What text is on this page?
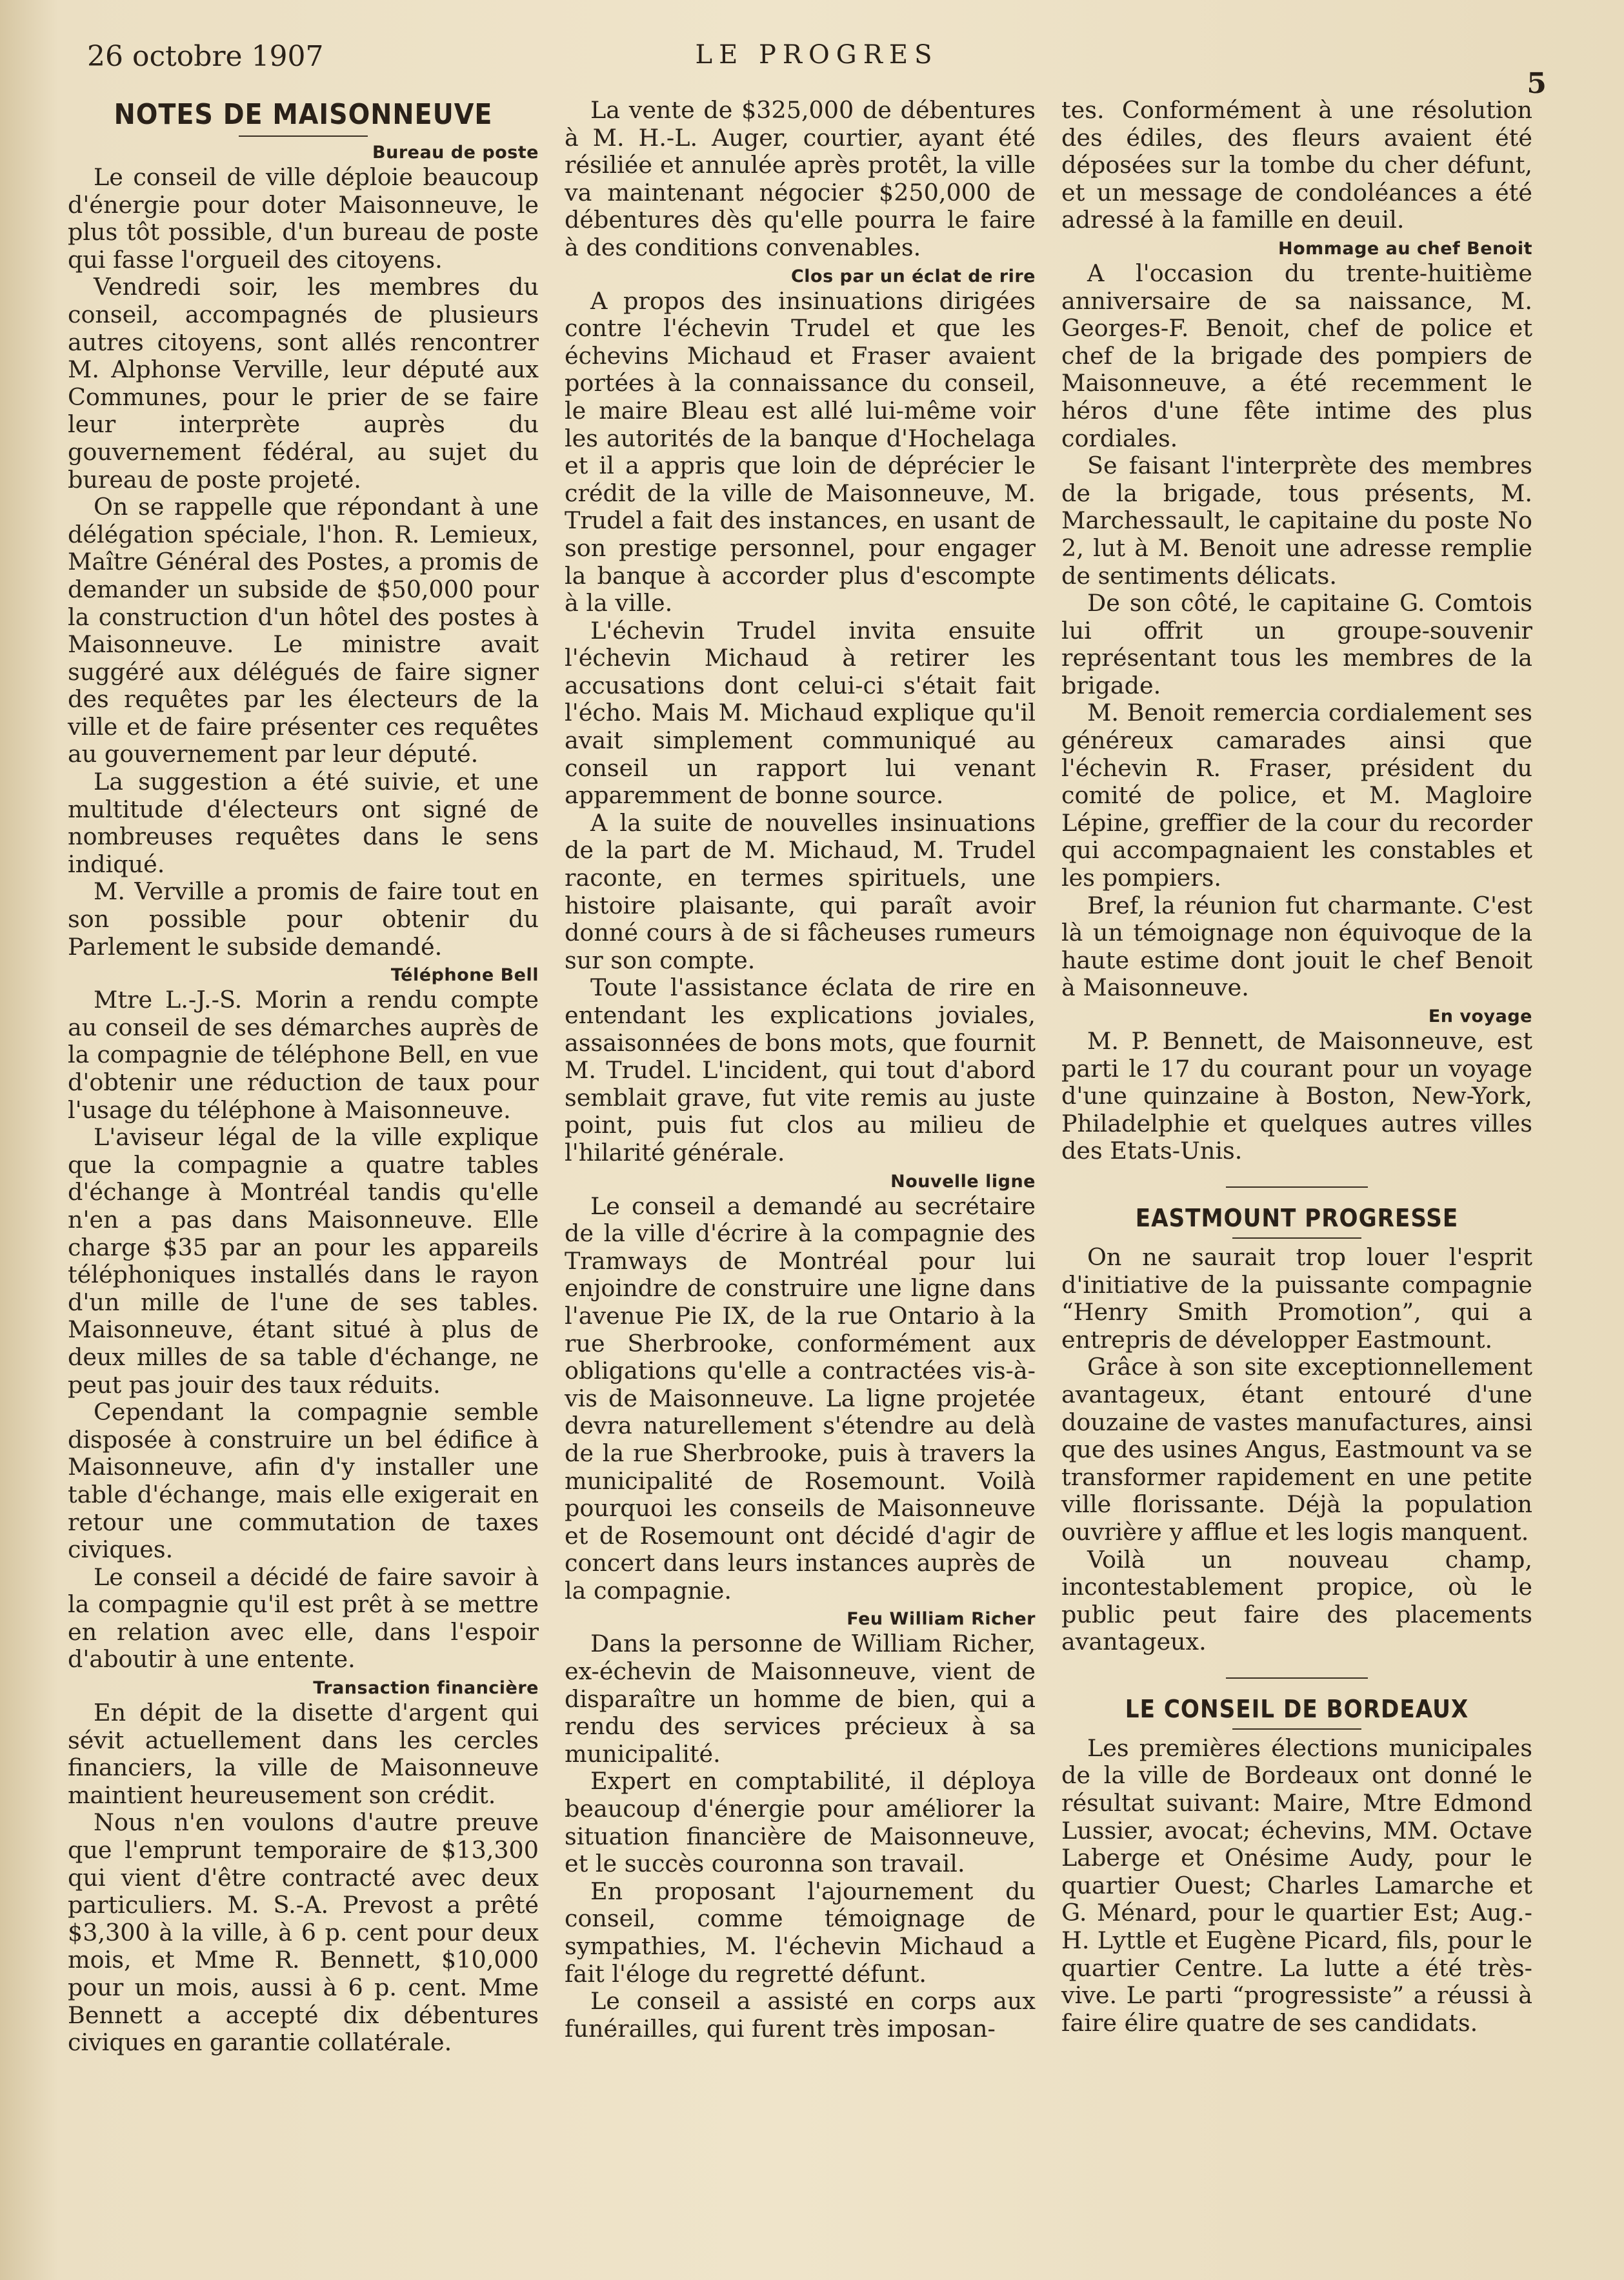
26 octobre 1907	LE PROGRES
5
NOTES DE MAISONNEUVE
Bureau de poste

Le conseil de ville déploie beaucoup d'énergie pour doter Maisonneuve, le plus tôt possible, d'un bureau de poste qui fasse l'orgueil des citoyens.

Vendredi soir, les membres du conseil, accompagnés de plusieurs autres citoyens, sont allés rencontrer M. Alphonse Verville, leur député aux Communes, pour le prier de se faire leur interprète auprès du gouvernement fédéral, au sujet du bureau de poste projeté.

On se rappelle que répondant à une délégation spéciale, l'hon. R. Lemieux, Maître Général des Postes, a promis de demander un subside de $50,000 pour la construction d'un hôtel des postes à Maisonneuve. Le ministre avait suggéré aux délégués de faire signer des requêtes par les électeurs de la ville et de faire présenter ces requêtes au gouvernement par leur député.

La suggestion a été suivie, et une multitude d'électeurs ont signé de nombreuses requêtes dans le sens indiqué.

M. Verville a promis de faire tout en son possible pour obtenir du Parlement le subside demandé.

Téléphone Bell

Mtre L.-J.-S. Morin a rendu compte au conseil de ses démarches auprès de la compagnie de téléphone Bell, en vue d'obtenir une réduction de taux pour l'usage du téléphone à Maisonneuve.

L'aviseur légal de la ville explique que la compagnie a quatre tables d'échange à Montréal tandis qu'elle n'en a pas dans Maisonneuve. Elle charge $35 par an pour les appareils téléphoniques installés dans le rayon d'un mille de l'une de ses tables. Maisonneuve, étant situé à plus de deux milles de sa table d'échange, ne peut pas jouir des taux réduits.

Cependant la compagnie semble disposée à construire un bel édifice à Maisonneuve, afin d'y installer une table d'échange, mais elle exigerait en retour une commutation de taxes civiques.

Le conseil a décidé de faire savoir à la compagnie qu'il est prêt à se mettre en relation avec elle, dans l'espoir d'aboutir à une entente.

Transaction financière

En dépit de la disette d'argent qui sévit actuellement dans les cercles financiers, la ville de Maisonneuve maintient heureusement son crédit.

Nous n'en voulons d'autre preuve que l'emprunt temporaire de $13,300 qui vient d'être contracté avec deux particuliers. M. S.-A. Prevost a prêté $3,300 à la ville, à 6 p. cent pour deux mois, et Mme R. Bennett, $10,000 pour un mois, aussi à 6 p. cent. Mme Bennett a accepté dix débentures civiques en garantie collatérale.

La vente de $325,000 de débentures à M. H.-L. Auger, courtier, ayant été résiliée et annulée après protêt, la ville va maintenant négocier $250,000 de débentures dès qu'elle pourra le faire à des conditions convenables.

Clos par un éclat de rire

A propos des insinuations dirigées contre l'échevin Trudel et que les échevins Michaud et Fraser avaient portées à la connaissance du conseil, le maire Bleau est allé lui-même voir les autorités de la banque d'Hochelaga et il a appris que loin de déprécier le crédit de la ville de Maisonneuve, M. Trudel a fait des instances, en usant de son prestige personnel, pour engager la banque à accorder plus d'escompte à la ville.

L'échevin Trudel invita ensuite l'échevin Michaud à retirer les accusations dont celui-ci s'était fait l'écho. Mais M. Michaud explique qu'il avait simplement communiqué au conseil un rapport lui venant apparemment de bonne source.

A la suite de nouvelles insinuations de la part de M. Michaud, M. Trudel raconte, en termes spirituels, une histoire plaisante, qui paraît avoir donné cours à de si fâcheuses rumeurs sur son compte.

Toute l'assistance éclata de rire en entendant les explications joviales, assaisonnées de bons mots, que fournit M. Trudel. L'incident, qui tout d'abord semblait grave, fut vite remis au juste point, puis fut clos au milieu de l'hilarité générale.

Nouvelle ligne

Le conseil a demandé au secrétaire de la ville d'écrire à la compagnie des Tramways de Montréal pour lui enjoindre de construire une ligne dans l'avenue Pie IX, de la rue Ontario à la rue Sherbrooke, conformément aux obligations qu'elle a contractées vis-à-vis de Maisonneuve. La ligne projetée devra naturellement s'étendre au delà de la rue Sherbrooke, puis à travers la municipalité de Rosemount. Voilà pourquoi les conseils de Maisonneuve et de Rosemount ont décidé d'agir de concert dans leurs instances auprès de la compagnie.

Feu William Richer

Dans la personne de William Richer, ex-échevin de Maisonneuve, vient de disparaître un homme de bien, qui a rendu des services précieux à sa municipalité.

Expert en comptabilité, il déploya beaucoup d'énergie pour améliorer la situation financière de Maisonneuve, et le succès couronna son travail.

En proposant l'ajournement du conseil, comme témoignage de sympathies, M. l'échevin Michaud a fait l'éloge du regretté défunt.

Le conseil a assisté en corps aux funérailles, qui furent très imposan-

tes. Conformément à une résolution des édiles, des fleurs avaient été déposées sur la tombe du cher défunt, et un message de condoléances a été adressé à la famille en deuil.

Hommage au chef Benoit

A l'occasion du trente-huitième anniversaire de sa naissance, M. Georges-F. Benoit, chef de police et chef de la brigade des pompiers de Maisonneuve, a été recemment le héros d'une fête intime des plus cordiales.

Se faisant l'interprète des membres de la brigade, tous présents, M. Marchessault, le capitaine du poste No 2, lut à M. Benoit une adresse remplie de sentiments délicats.

De son côté, le capitaine G. Comtois lui offrit un groupe-souvenir représentant tous les membres de la brigade.

M. Benoit remercia cordialement ses généreux camarades ainsi que l'échevin R. Fraser, président du comité de police, et M. Magloire Lépine, greffier de la cour du recorder qui accompagnaient les constables et les pompiers.

Bref, la réunion fut charmante. C'est là un témoignage non équivoque de la haute estime dont jouit le chef Benoit à Maisonneuve.

En voyage

M. P. Bennett, de Maisonneuve, est parti le 17 du courant pour un voyage d'une quinzaine à Boston, New-York, Philadelphie et quelques autres villes des Etats-Unis.

EASTMOUNT PROGRESSE

On ne saurait trop louer l'esprit d'initiative de la puissante compagnie “Henry Smith Promotion”, qui a entrepris de développer Eastmount.

Grâce à son site exceptionnellement avantageux, étant entouré d'une douzaine de vastes manufactures, ainsi que des usines Angus, Eastmount va se transformer rapidement en une petite ville florissante. Déjà la population ouvrière y afflue et les logis manquent.

Voilà un nouveau champ, incontestablement propice, où le public peut faire des placements avantageux.

LE CONSEIL DE BORDEAUX

Les premières élections municipales de la ville de Bordeaux ont donné le résultat suivant: Maire, Mtre Edmond Lussier, avocat; échevins, MM. Octave Laberge et Onésime Audy, pour le quartier Ouest; Charles Lamarche et G. Ménard, pour le quartier Est; Aug.-H. Lyttle et Eugène Picard, fils, pour le quartier Centre. La lutte a été très-vive. Le parti “progressiste” a réussi à faire élire quatre de ses candidats.
